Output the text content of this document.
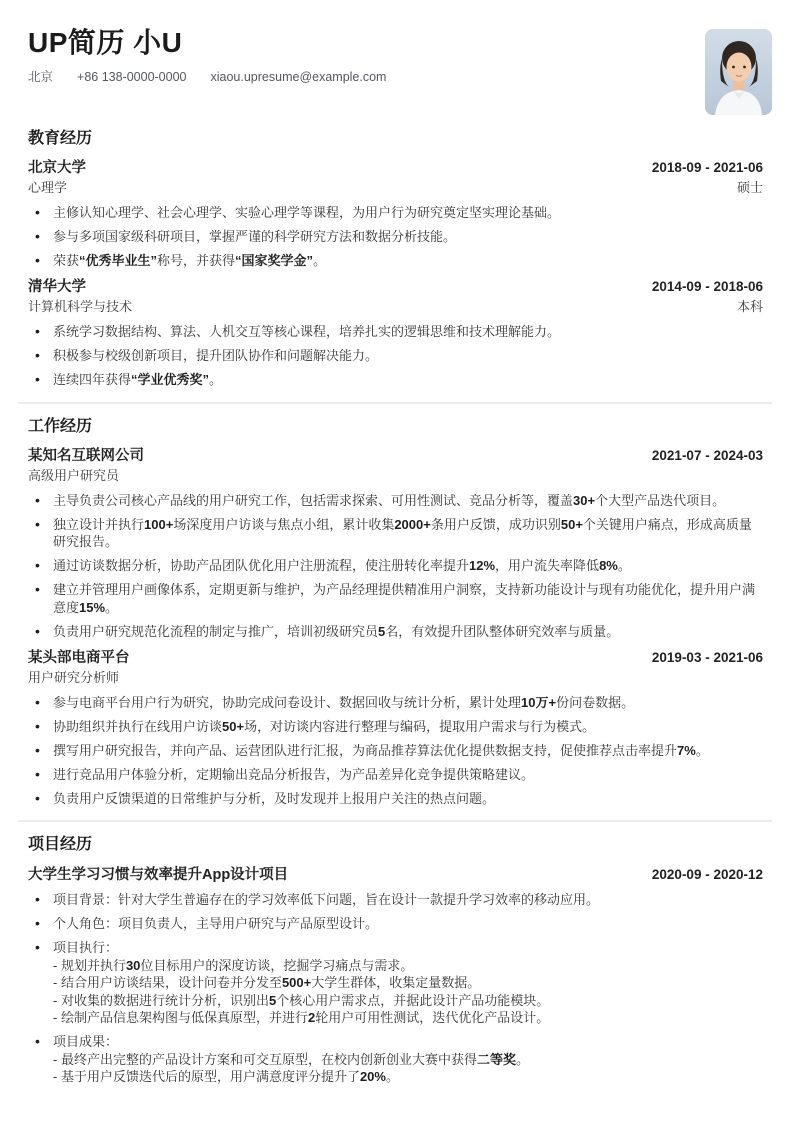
UP简历 小U
北京 +86 138-0000-0000 xiaou.upresume@example.com
教育经历
北京大学	2018-09 - 2021-06
心理学	硕士
• 主修认知心理学、社会心理学、实验心理学等课程，为用户行为研究奠定坚实理论基础。
• 参与多项国家级科研项目，掌握严谨的科学研究方法和数据分析技能。
• 荣获“优秀毕业生”称号，并获得“国家奖学金”。
清华大学	2014-09 - 2018-06
计算机科学与技术	本科
• 系统学习数据结构、算法、人机交互等核心课程，培养扎实的逻辑思维和技术理解能力。
• 积极参与校级创新项目，提升团队协作和问题解决能力。
• 连续四年获得“学业优秀奖”。
工作经历
某知名互联网公司	2021-07 - 2024-03
高级用户研究员
• 主导负责公司核心产品线的用户研究工作，包括需求探索、可用性测试、竞品分析等，覆盖30+个大型产品迭代项目。
• 独立设计并执行100+场深度用户访谈与焦点小组，累计收集2000+条用户反馈，成功识别50+个关键用户痛点，形成高质量研究报告。
• 通过访谈数据分析，协助产品团队优化用户注册流程，使注册转化率提升12%，用户流失率降低8%。
• 建立并管理用户画像体系，定期更新与维护，为产品经理提供精准用户洞察，支持新功能设计与现有功能优化，提升用户满意度15%。
• 负责用户研究规范化流程的制定与推广，培训初级研究员5名，有效提升团队整体研究效率与质量。
某头部电商平台	2019-03 - 2021-06
用户研究分析师
• 参与电商平台用户行为研究，协助完成问卷设计、数据回收与统计分析，累计处理10万+份问卷数据。
• 协助组织并执行在线用户访谈50+场，对访谈内容进行整理与编码，提取用户需求与行为模式。
• 撰写用户研究报告，并向产品、运营团队进行汇报，为商品推荐算法优化提供数据支持，促使推荐点击率提升7%。
• 进行竞品用户体验分析，定期输出竞品分析报告，为产品差异化竞争提供策略建议。
• 负责用户反馈渠道的日常维护与分析，及时发现并上报用户关注的热点问题。
项目经历
大学生学习习惯与效率提升App设计项目	2020-09 - 2020-12
• 项目背景：针对大学生普遍存在的学习效率低下问题，旨在设计一款提升学习效率的移动应用。
• 个人角色：项目负责人，主导用户研究与产品原型设计。
• 项目执行：
- 规划并执行30位目标用户的深度访谈，挖掘学习痛点与需求。
- 结合用户访谈结果，设计问卷并分发至500+大学生群体，收集定量数据。
- 对收集的数据进行统计分析，识别出5个核心用户需求点，并据此设计产品功能模块。
- 绘制产品信息架构图与低保真原型，并进行2轮用户可用性测试，迭代优化产品设计。
• 项目成果：
- 最终产出完整的产品设计方案和可交互原型，在校内创新创业大赛中获得二等奖。
- 基于用户反馈迭代后的原型，用户满意度评分提升了20%。
